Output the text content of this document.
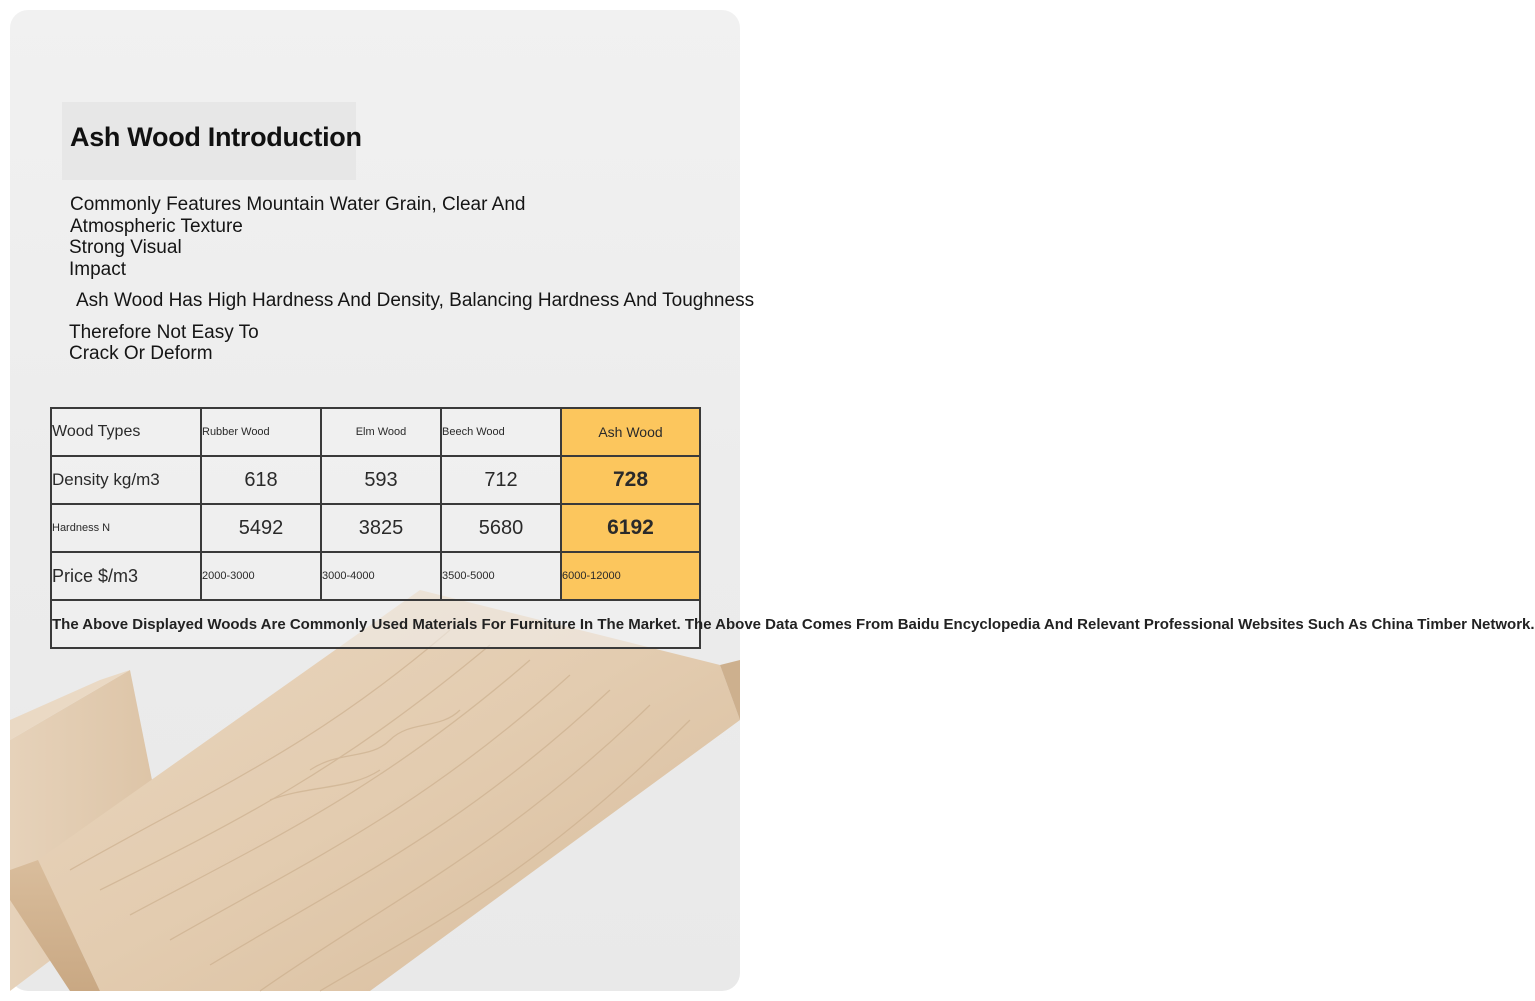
Ash Wood Introduction

Commonly Features Mountain Water Grain, Clear And

Atmospheric Texture

Strong Visual

Impact

Ash Wood Has High Hardness And Density, Balancing Hardness And Toughness

Therefore Not Easy To

Crack Or Deform

Wood Types	Rubber Wood	Elm Wood	Beech Wood	Ash Wood
Density kg/m3	618	593	712	728
Hardness N	5492	3825	5680	6192
Price $/m3	2000-3000	3000-4000	3500-5000	6000-12000

The Above Displayed Woods Are Commonly Used Materials For Furniture In The Market. The Above Data Comes From Baidu Encyclopedia And Relevant Professional Websites Such As China Timber Network.				
